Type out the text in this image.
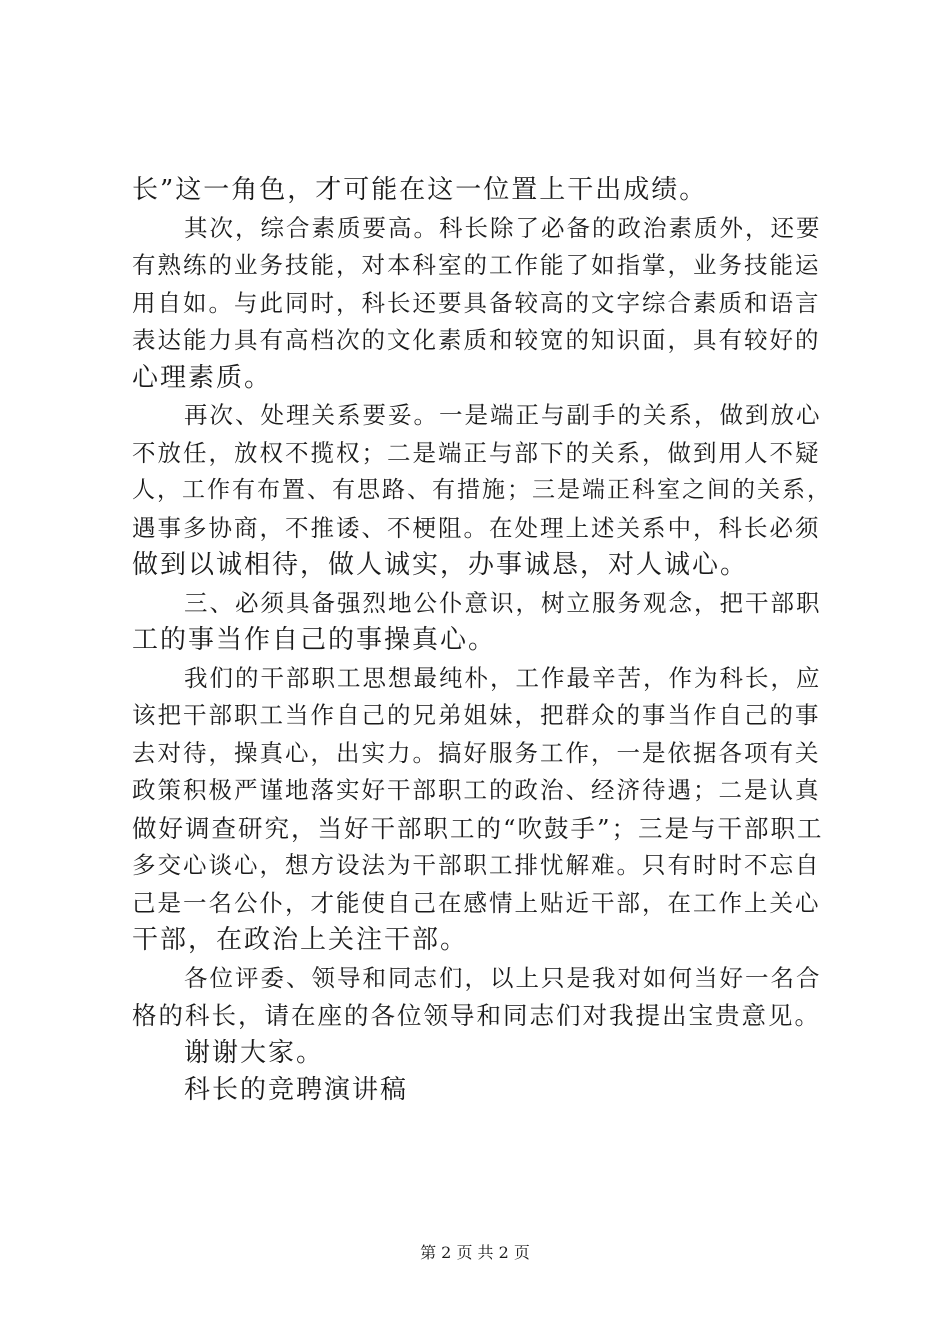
长”这一角色，才可能在这一位置上干出成绩。
其次，综合素质要高。科长除了必备的政治素质外，还要
有熟练的业务技能，对本科室的工作能了如指掌，业务技能运
用自如。与此同时，科长还要具备较高的文字综合素质和语言
表达能力具有高档次的文化素质和较宽的知识面，具有较好的
心理素质。
再次、处理关系要妥。一是端正与副手的关系，做到放心
不放任，放权不揽权；二是端正与部下的关系，做到用人不疑
人，工作有布置、有思路、有措施；三是端正科室之间的关系，
遇事多协商，不推诿、不梗阻。在处理上述关系中，科长必须
做到以诚相待，做人诚实，办事诚恳，对人诚心。
三、必须具备强烈地公仆意识，树立服务观念，把干部职
工的事当作自己的事操真心。
我们的干部职工思想最纯朴，工作最辛苦，作为科长，应
该把干部职工当作自己的兄弟姐妹，把群众的事当作自己的事
去对待，操真心，出实力。搞好服务工作，一是依据各项有关
政策积极严谨地落实好干部职工的政治、经济待遇；二是认真
做好调查研究，当好干部职工的“吹鼓手”；三是与干部职工
多交心谈心，想方设法为干部职工排忧解难。只有时时不忘自
己是一名公仆，才能使自己在感情上贴近干部，在工作上关心
干部，在政治上关注干部。
各位评委、领导和同志们，以上只是我对如何当好一名合
格的科长，请在座的各位领导和同志们对我提出宝贵意见。
谢谢大家。
科长的竞聘演讲稿
第 2 页 共 2 页
